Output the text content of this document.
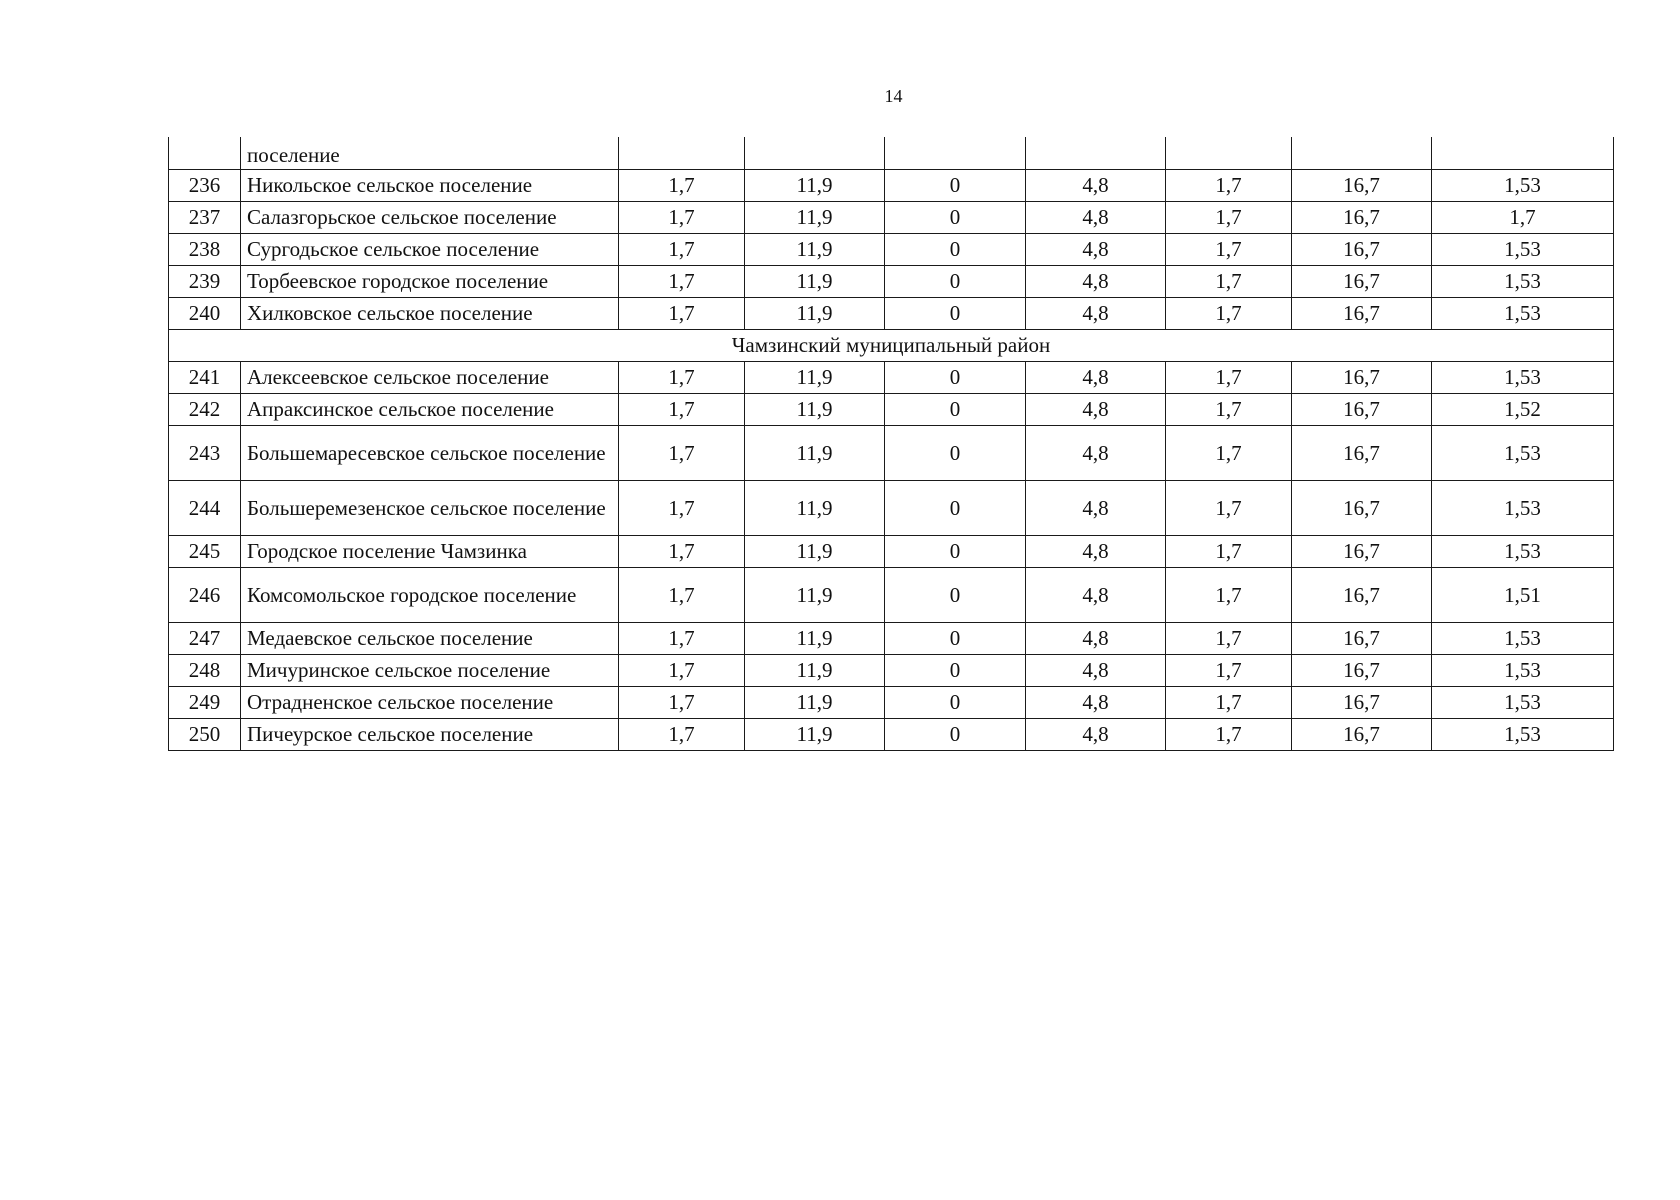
14
	поселение							
236	Никольское сельское поселение	1,7	11,9	0	4,8	1,7	16,7	1,53
237	Салазгорьское сельское поселение	1,7	11,9	0	4,8	1,7	16,7	1,7
238	Сургодьское сельское поселение	1,7	11,9	0	4,8	1,7	16,7	1,53
239	Торбеевское городское поселение	1,7	11,9	0	4,8	1,7	16,7	1,53
240	Хилковское сельское поселение	1,7	11,9	0	4,8	1,7	16,7	1,53
Чамзинский муниципальный район								
241	Алексеевское сельское поселение	1,7	11,9	0	4,8	1,7	16,7	1,53
242	Апраксинское сельское поселение	1,7	11,9	0	4,8	1,7	16,7	1,52
243	Большемаресевское сельское поселение	1,7	11,9	0	4,8	1,7	16,7	1,53
244	Большеремезенское сельское поселение	1,7	11,9	0	4,8	1,7	16,7	1,53
245	Городское поселение Чамзинка	1,7	11,9	0	4,8	1,7	16,7	1,53
246	Комсомольское городское поселение	1,7	11,9	0	4,8	1,7	16,7	1,51
247	Медаевское сельское поселение	1,7	11,9	0	4,8	1,7	16,7	1,53
248	Мичуринское сельское поселение	1,7	11,9	0	4,8	1,7	16,7	1,53
249	Отрадненское сельское поселение	1,7	11,9	0	4,8	1,7	16,7	1,53
250	Пичеурское сельское поселение	1,7	11,9	0	4,8	1,7	16,7	1,53
